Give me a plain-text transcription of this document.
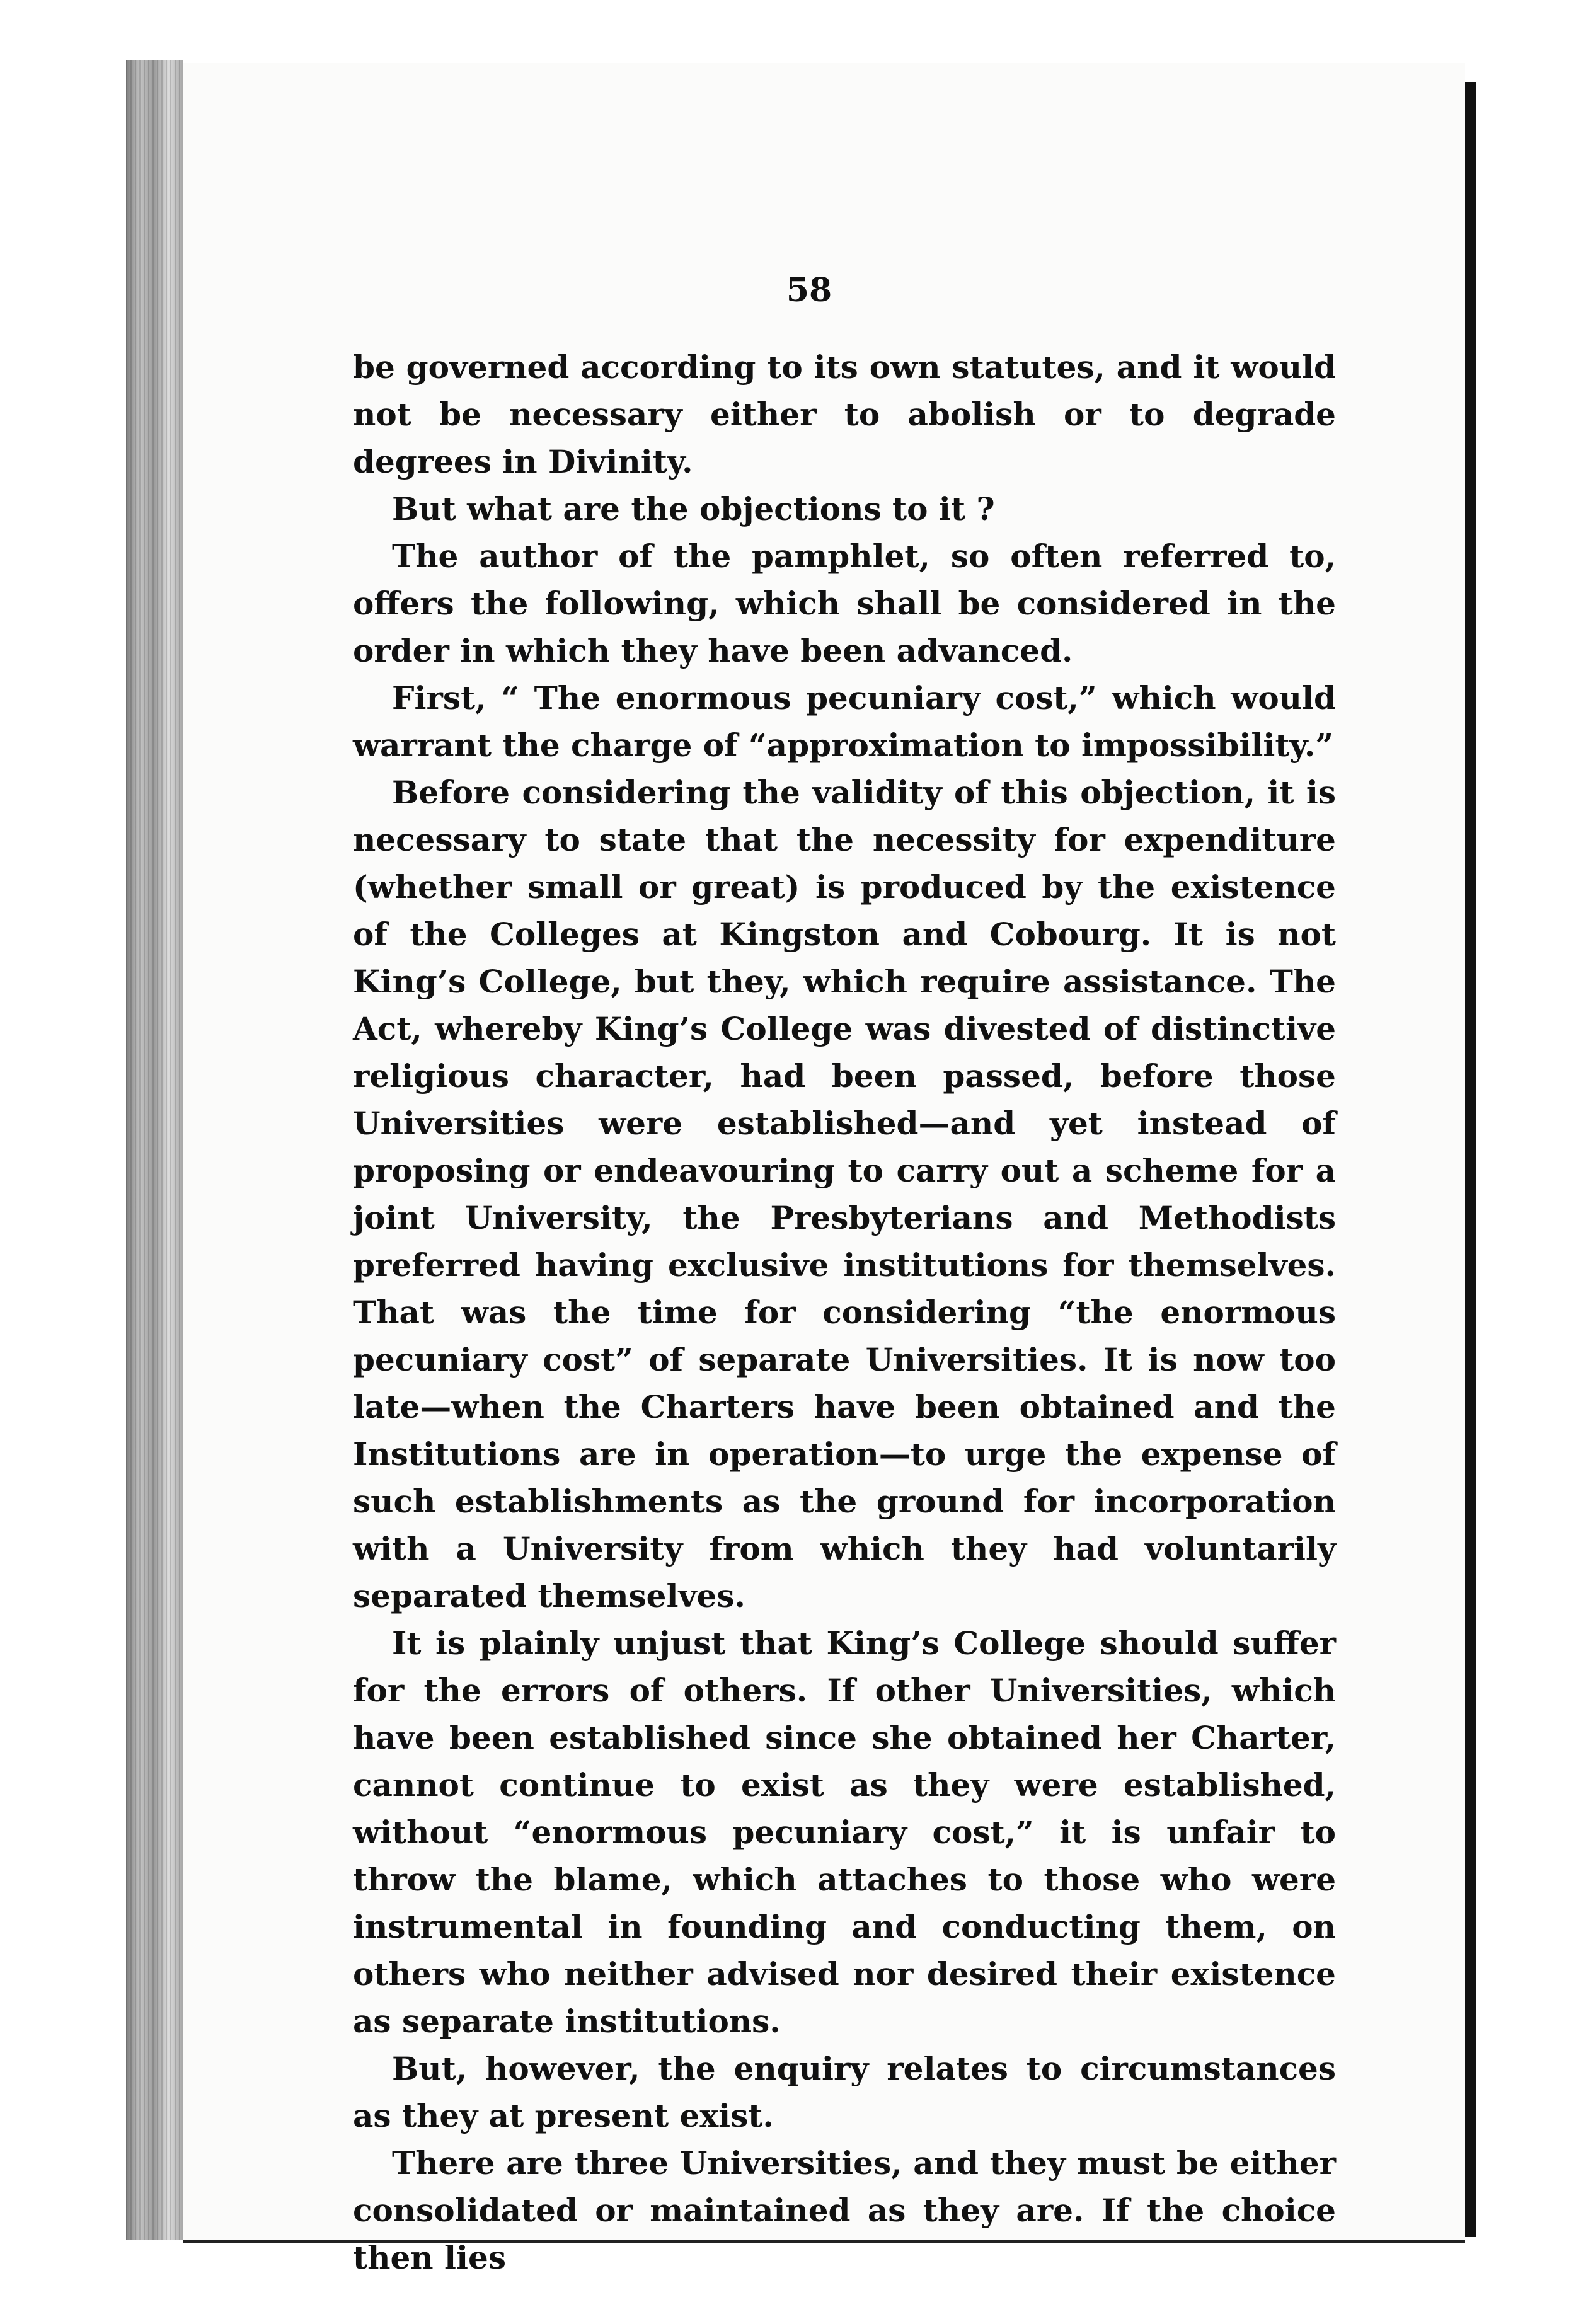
58

be governed according to its own statutes, and it would not be necessary either to abolish or to degrade degrees in Divinity.

But what are the objections to it ?

The author of the pamphlet, so often referred to, offers the following, which shall be considered in the order in which they have been advanced.

First, “ The enormous pecuniary cost,” which would warrant the charge of “approximation to impossibility.”

Before considering the validity of this objection, it is necessary to state that the necessity for expenditure (whether small or great) is produced by the existence of the Colleges at Kingston and Cobourg. It is not King’s College, but they, which require assistance. The Act, whereby King’s College was divested of distinctive religious character, had been passed, before those Universities were established—and yet instead of proposing or endeavouring to carry out a scheme for a joint University, the Presbyterians and Methodists preferred having exclusive institutions for themselves. That was the time for considering “the enormous pecuniary cost” of separate Universities. It is now too late—when the Charters have been obtained and the Institutions are in operation—to urge the expense of such establishments as the ground for incorporation with a University from which they had voluntarily separated themselves.

It is plainly unjust that King’s College should suffer for the errors of others. If other Universities, which have been established since she obtained her Charter, cannot continue to exist as they were established, without “enormous pecuniary cost,” it is unfair to throw the blame, which attaches to those who were instrumental in founding and conducting them, on others who neither advised nor desired their existence as separate institutions.

But, however, the enquiry relates to circumstances as they at present exist.

There are three Universities, and they must be either consolidated or maintained as they are. If the choice then lies
